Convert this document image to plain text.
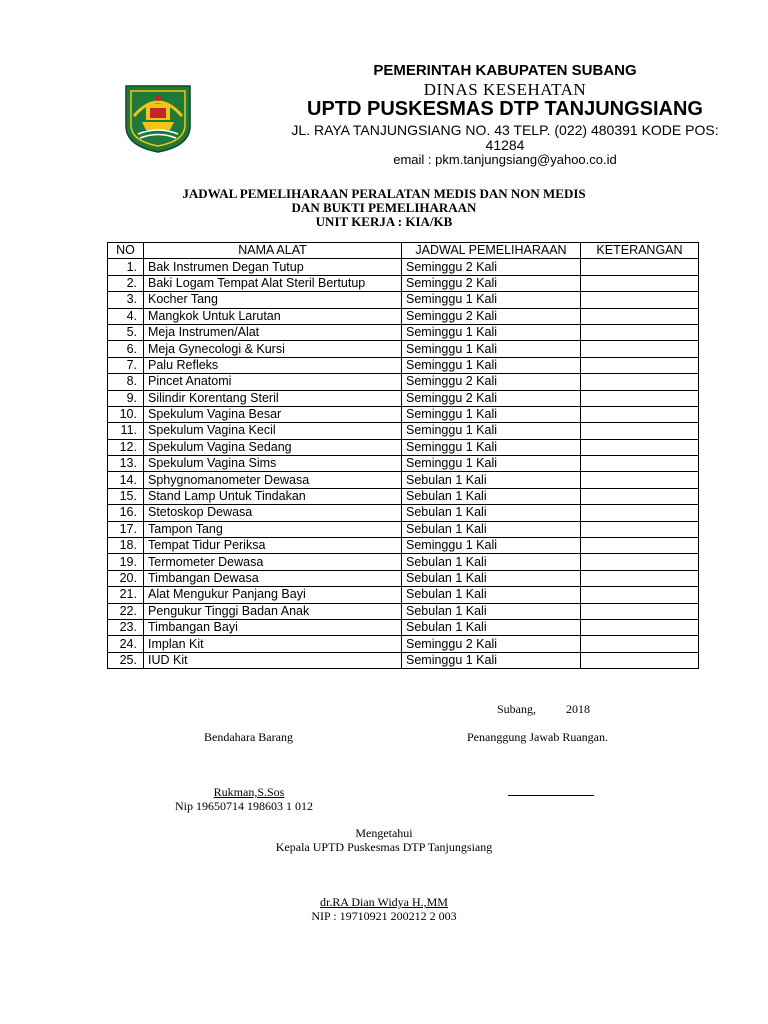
PEMERINTAH KABUPATEN SUBANG
DINAS KESEHATAN
UPTD PUSKESMAS DTP TANJUNGSIANG
JL. RAYA TANJUNGSIANG NO. 43 TELP. (022) 480391 KODE POS:
41284
email : pkm.tanjungsiang@yahoo.co.id
JADWAL PEMELIHARAAN PERALATAN MEDIS DAN NON MEDIS
DAN BUKTI PEMELIHARAAN
UNIT KERJA : KIA/KB
NO	NAMA ALAT	JADWAL PEMELIHARAAN	KETERANGAN
1.	Bak Instrumen Degan Tutup	Seminggu 2 Kali	
2.	Baki Logam Tempat Alat Steril Bertutup	Seminggu 2 Kali	
3.	Kocher Tang	Seminggu 1 Kali	
4.	Mangkok Untuk Larutan	Seminggu 2 Kali	
5.	Meja Instrumen/Alat	Seminggu 1 Kali	
6.	Meja Gynecologi & Kursi	Seminggu 1 Kali	
7.	Palu Refleks	Seminggu 1 Kali	
8.	Pincet Anatomi	Seminggu 2 Kali	
9.	Silindir Korentang Steril	Seminggu 2 Kali	
10.	Spekulum Vagina Besar	Seminggu 1 Kali	
11.	Spekulum Vagina Kecil	Seminggu 1 Kali	
12.	Spekulum Vagina Sedang	Seminggu 1 Kali	
13.	Spekulum Vagina Sims	Seminggu 1 Kali	
14.	Sphygnomanometer Dewasa	Sebulan 1 Kali	
15.	Stand Lamp Untuk Tindakan	Sebulan 1 Kali	
16.	Stetoskop Dewasa	Sebulan 1 Kali	
17.	Tampon Tang	Sebulan 1 Kali	
18.	Tempat Tidur Periksa	Seminggu 1 Kali	
19.	Termometer Dewasa	Sebulan 1 Kali	
20.	Timbangan Dewasa	Sebulan 1 Kali	
21.	Alat Mengukur Panjang Bayi	Sebulan 1 Kali	
22.	Pengukur Tinggi Badan Anak	Sebulan 1 Kali	
23.	Timbangan Bayi	Sebulan 1 Kali	
24.	Implan Kit	Seminggu 2 Kali	
25.	IUD Kit	Seminggu 1 Kali	
Subang,          2018
Bendahara Barang	Penanggung Jawab Ruangan.
Rukman,S.Sos
Nip 19650714 198603 1 012
Mengetahui
Kepala UPTD Puskesmas DTP Tanjungsiang
dr.RA Dian Widya H.,MM
NIP : 19710921 200212 2 003
